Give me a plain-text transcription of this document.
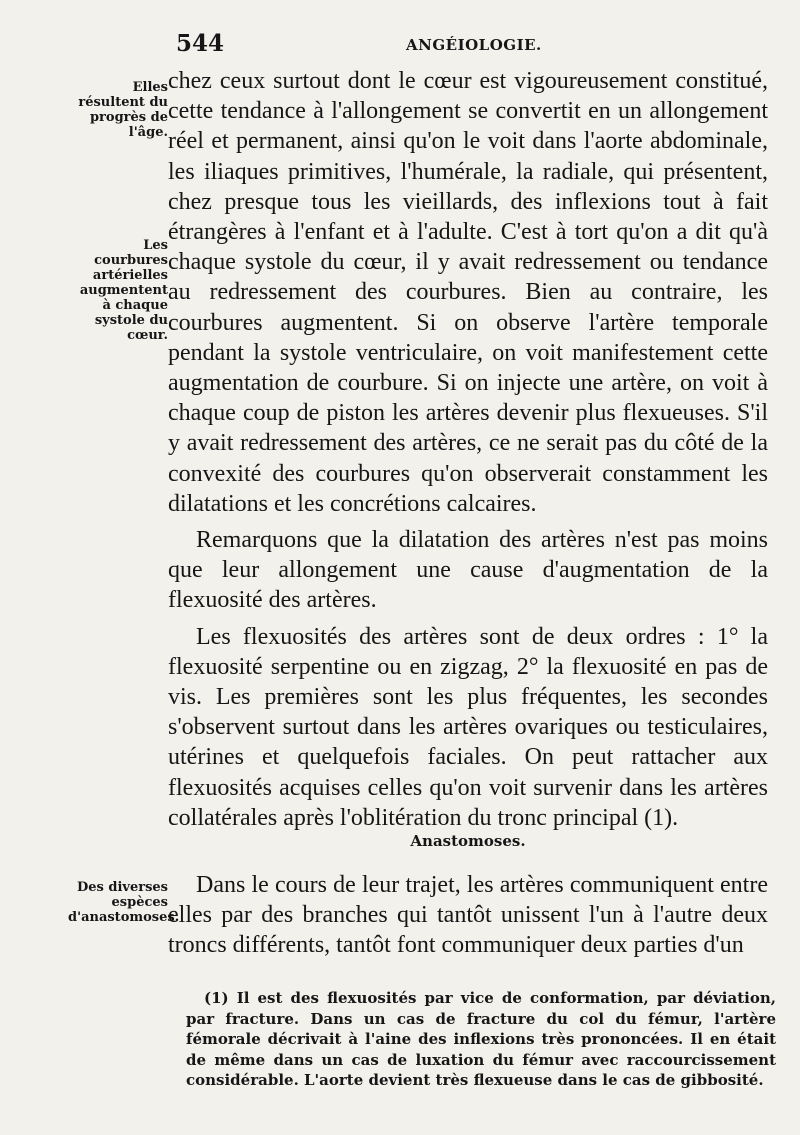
544	ANGÉIOLOGIE.
Elles résultent du progrès de l'âge.
Les courbures artérielles augmentent à chaque systole du cœur.
Des diverses espèces d'anastomoses.

chez ceux surtout dont le cœur est vigoureusement constitué, cette tendance à l'allongement se convertit en un allongement réel et permanent, ainsi qu'on le voit dans l'aorte abdominale, les iliaques primitives, l'humérale, la radiale, qui présentent, chez presque tous les vieillards, des inflexions tout à fait étrangères à l'enfant et à l'adulte. C'est à tort qu'on a dit qu'à chaque systole du cœur, il y avait redressement ou tendance au redressement des courbures. Bien au contraire, les courbures augmentent. Si on observe l'artère temporale pendant la systole ventriculaire, on voit manifestement cette augmentation de courbure. Si on injecte une artère, on voit à chaque coup de piston les artères devenir plus flexueuses. S'il y avait redressement des artères, ce ne serait pas du côté de la convexité des courbures qu'on observerait constamment les dilatations et les concrétions calcaires.

Remarquons que la dilatation des artères n'est pas moins que leur allongement une cause d'augmentation de la flexuosité des artères.

Les flexuosités des artères sont de deux ordres : 1° la flexuosité serpentine ou en zigzag, 2° la flexuosité en pas de vis. Les premières sont les plus fréquentes, les secondes s'observent surtout dans les artères ovariques ou testiculaires, utérines et quelquefois faciales. On peut rattacher aux flexuosités acquises celles qu'on voit survenir dans les artères collatérales après l'oblitération du tronc principal (1).

Anastomoses.

Dans le cours de leur trajet, les artères communiquent entre elles par des branches qui tantôt unissent l'un à l'autre deux troncs différents, tantôt font communiquer deux parties d'un

(1) Il est des flexuosités par vice de conformation, par déviation, par fracture. Dans un cas de fracture du col du fémur, l'artère fémorale décrivait à l'aine des inflexions très prononcées. Il en était de même dans un cas de luxation du fémur avec raccourcissement considérable. L'aorte devient très flexueuse dans le cas de gibbosité.
